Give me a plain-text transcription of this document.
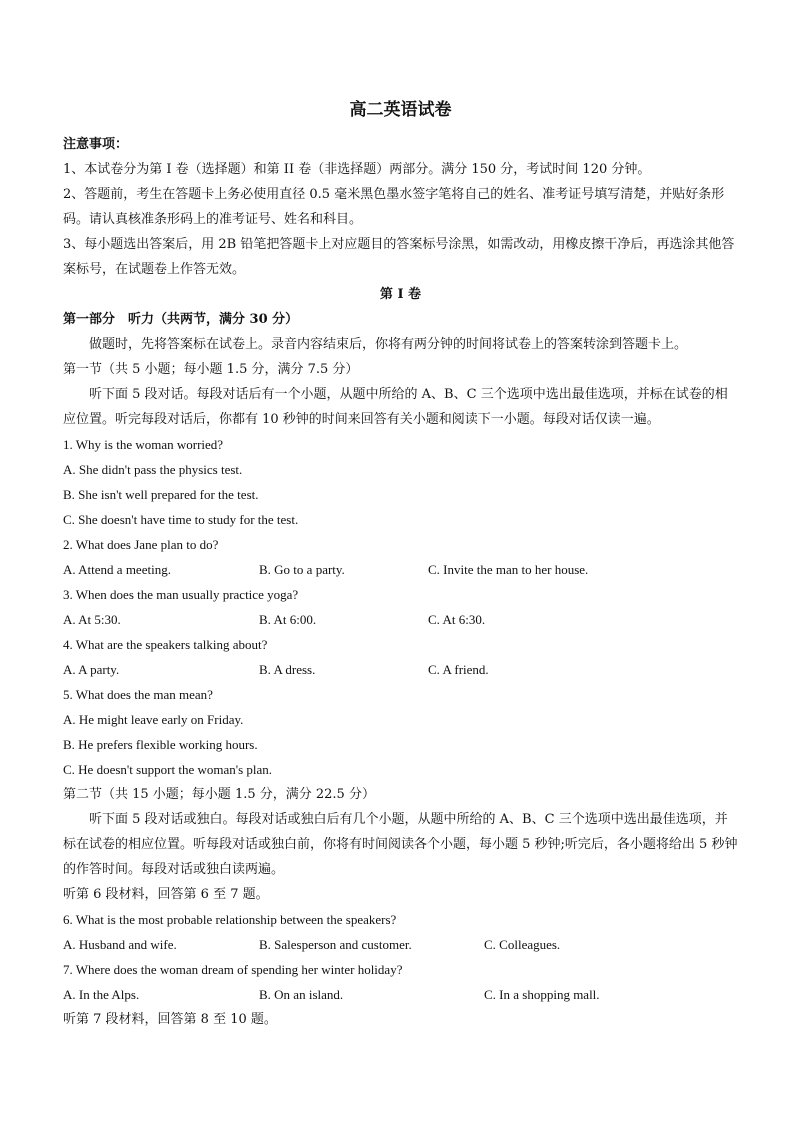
高二英语试卷
注意事项：
1、本试卷分为第 I 卷（选择题）和第 II 卷（非选择题）两部分。满分 150 分，考试时间 120 分钟。
2、答题前，考生在答题卡上务必使用直径 0.5 毫米黑色墨水签字笔将自己的姓名、准考证号填写清楚，并贴好条形码。请认真核准条形码上的准考证号、姓名和科目。
3、每小题选出答案后，用 2B 铅笔把答题卡上对应题目的答案标号涂黑，如需改动，用橡皮擦干净后，再选涂其他答案标号，在试题卷上作答无效。
第 I 卷
第一部分　听力（共两节，满分 30 分）
做题时，先将答案标在试卷上。录音内容结束后，你将有两分钟的时间将试卷上的答案转涂到答题卡上。
第一节（共 5 小题；每小题 1.5 分，满分 7.5 分）
听下面 5 段对话。每段对话后有一个小题，从题中所给的 A、B、C 三个选项中选出最佳选项，并标在试卷的相应位置。听完每段对话后，你都有 10 秒钟的时间来回答有关小题和阅读下一小题。每段对话仅读一遍。
1. Why is the woman worried?
A. She didn't pass the physics test.
B. She isn't well prepared for the test.
C. She doesn't have time to study for the test.
2. What does Jane plan to do?
A. Attend a meeting.	B. Go to a party.	C. Invite the man to her house.
3. When does the man usually practice yoga?
A. At 5:30.	B. At 6:00.	C. At 6:30.
4. What are the speakers talking about?
A. A party.	B. A dress.	C. A friend.
5. What does the man mean?
A. He might leave early on Friday.
B. He prefers flexible working hours.
C. He doesn't support the woman's plan.
第二节（共 15 小题；每小题 1.5 分，满分 22.5 分）
听下面 5 段对话或独白。每段对话或独白后有几个小题，从题中所给的 A、B、C 三个选项中选出最佳选项，并标在试卷的相应位置。听每段对话或独白前，你将有时间阅读各个小题，每小题 5 秒钟;听完后，各小题将给出 5 秒钟的作答时间。每段对话或独白读两遍。
听第 6 段材料，回答第 6 至 7 题。
6. What is the most probable relationship between the speakers?
A. Husband and wife.	B. Salesperson and customer.	C. Colleagues.
7. Where does the woman dream of spending her winter holiday?
A. In the Alps.	B. On an island.	C. In a shopping mall.
听第 7 段材料，回答第 8 至 10 题。
